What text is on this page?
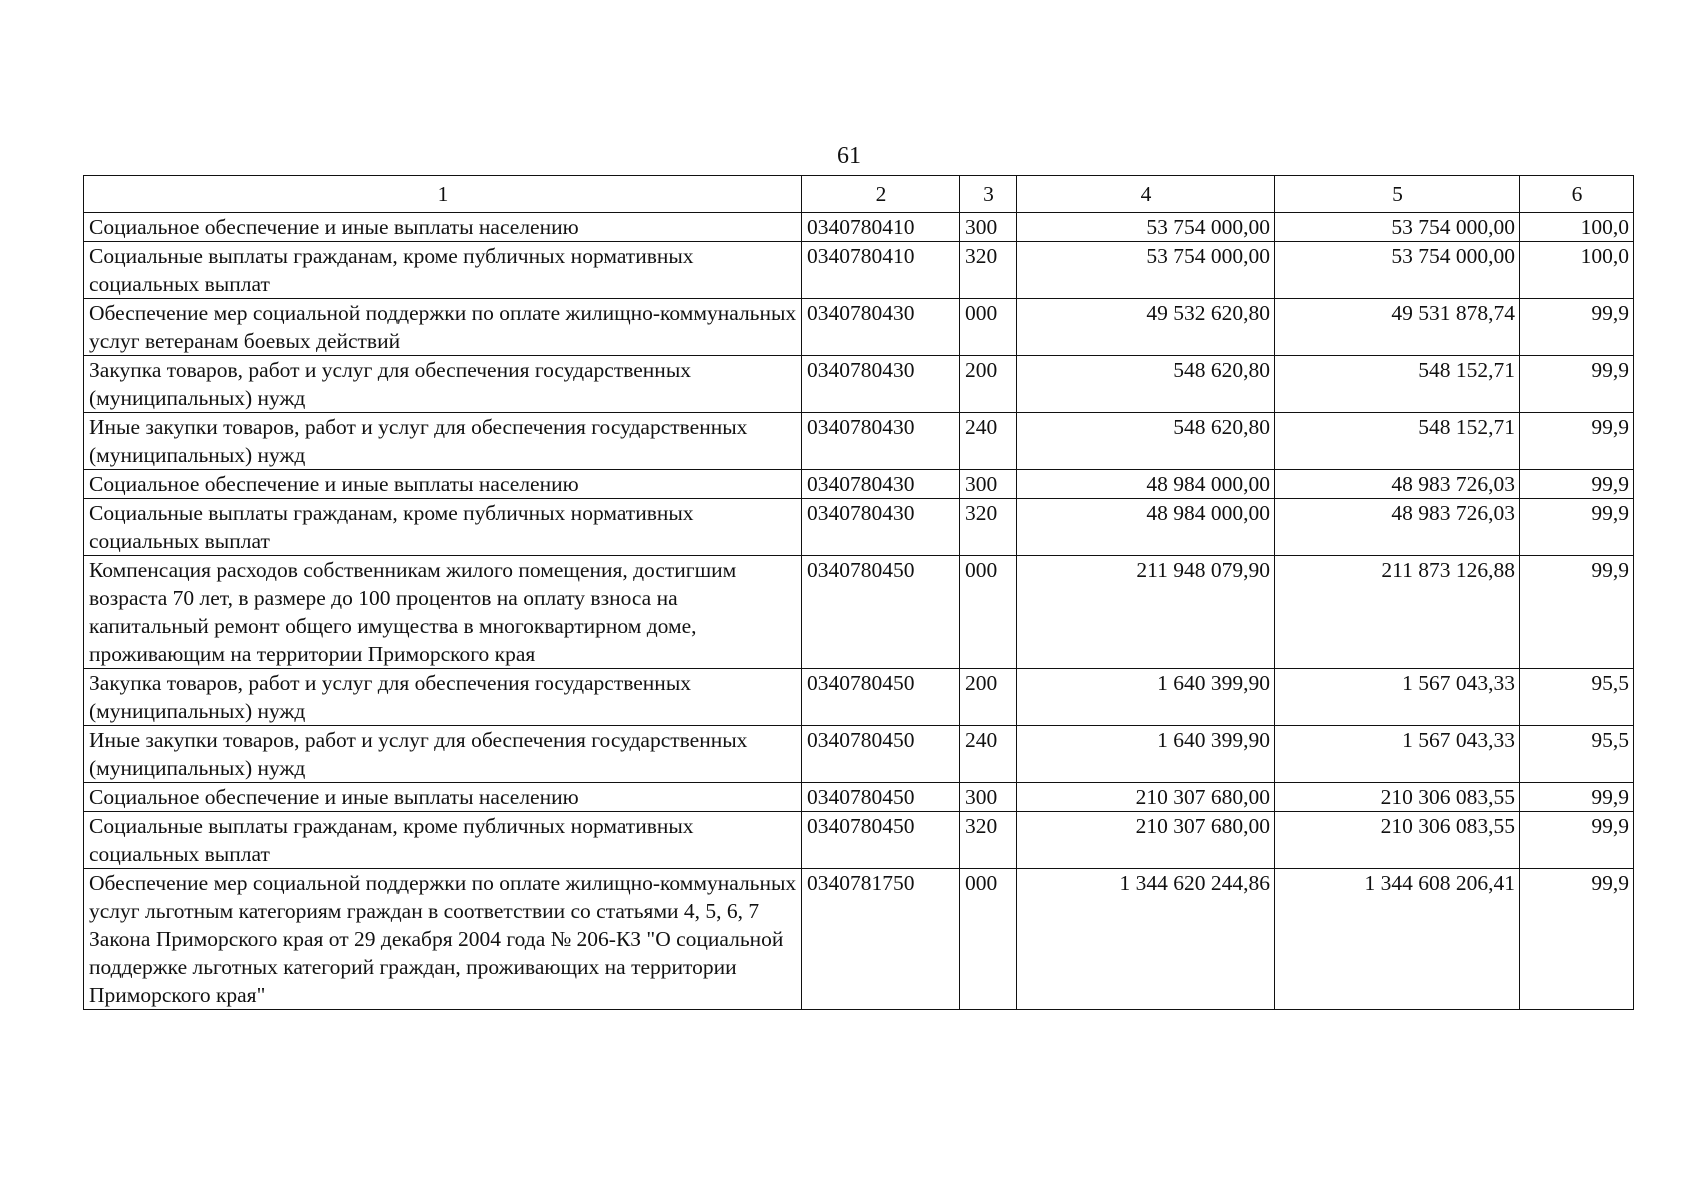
61
1	2	3	4	5	6
Социальное обеспечение и иные выплаты населению	0340780410	300	53 754 000,00	53 754 000,00	100,0
Социальные выплаты гражданам, кроме публичных нормативных социальных выплат	0340780410	320	53 754 000,00	53 754 000,00	100,0
Обеспечение мер социальной поддержки по оплате жилищно-коммунальных услуг ветеранам боевых действий	0340780430	000	49 532 620,80	49 531 878,74	99,9
Закупка товаров, работ и услуг для обеспечения государственных (муниципальных) нужд	0340780430	200	548 620,80	548 152,71	99,9
Иные закупки товаров, работ и услуг для обеспечения государственных (муниципальных) нужд	0340780430	240	548 620,80	548 152,71	99,9
Социальное обеспечение и иные выплаты населению	0340780430	300	48 984 000,00	48 983 726,03	99,9
Социальные выплаты гражданам, кроме публичных нормативных социальных выплат	0340780430	320	48 984 000,00	48 983 726,03	99,9
Компенсация расходов собственникам жилого помещения, достигшим возраста 70 лет, в размере до 100 процентов на оплату взноса на капитальный ремонт общего имущества в многоквартирном доме, проживающим на территории Приморского края	0340780450	000	211 948 079,90	211 873 126,88	99,9
Закупка товаров, работ и услуг для обеспечения государственных (муниципальных) нужд	0340780450	200	1 640 399,90	1 567 043,33	95,5
Иные закупки товаров, работ и услуг для обеспечения государственных (муниципальных) нужд	0340780450	240	1 640 399,90	1 567 043,33	95,5
Социальное обеспечение и иные выплаты населению	0340780450	300	210 307 680,00	210 306 083,55	99,9
Социальные выплаты гражданам, кроме публичных нормативных социальных выплат	0340780450	320	210 307 680,00	210 306 083,55	99,9
Обеспечение мер социальной поддержки по оплате жилищно-коммунальных услуг льготным категориям граждан в соответствии со статьями 4, 5, 6, 7 Закона Приморского края от 29 декабря 2004 года № 206-КЗ "О социальной поддержке льготных категорий граждан, проживающих на территории Приморского края"	0340781750	000	1 344 620 244,86	1 344 608 206,41	99,9
